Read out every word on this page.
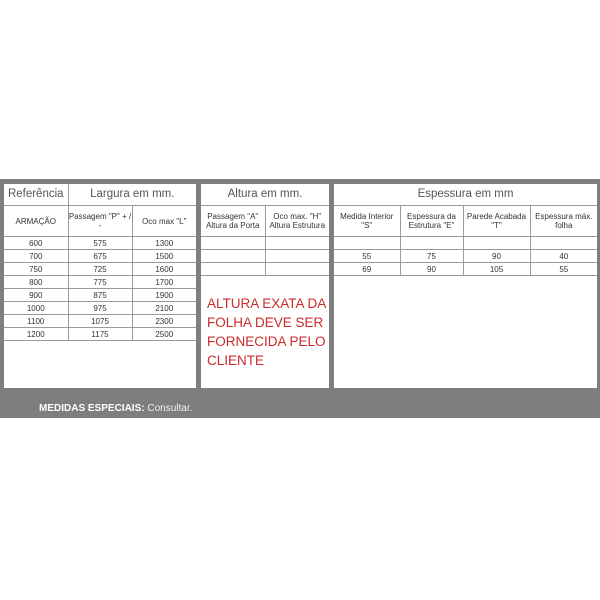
Referência	Largura em mm.	
ARMAÇÃO	Passagem "P" + / -	Oco max "L"
600	575	1300
700	675	1500
750	725	1600
800	775	1700
900	875	1900
1000	975	2100
1100	1075	2300
1200	1175	2500
Altura em mm.	
Passagem "A" Altura da Porta	Oco max. "H" Altura Estrutura

ALTURA EXATA DA
FOLHA DEVE SER
FORNECIDA PELO
CLIENTE
Espessura em mm			
Medida Interior "S"	Espessura da Estrutura "E"	Parede Acabada "T"	Espessura máx. folha

55	75	90	40
69	90	105	55
MEDIDAS ESPECIAIS: Consultar.
